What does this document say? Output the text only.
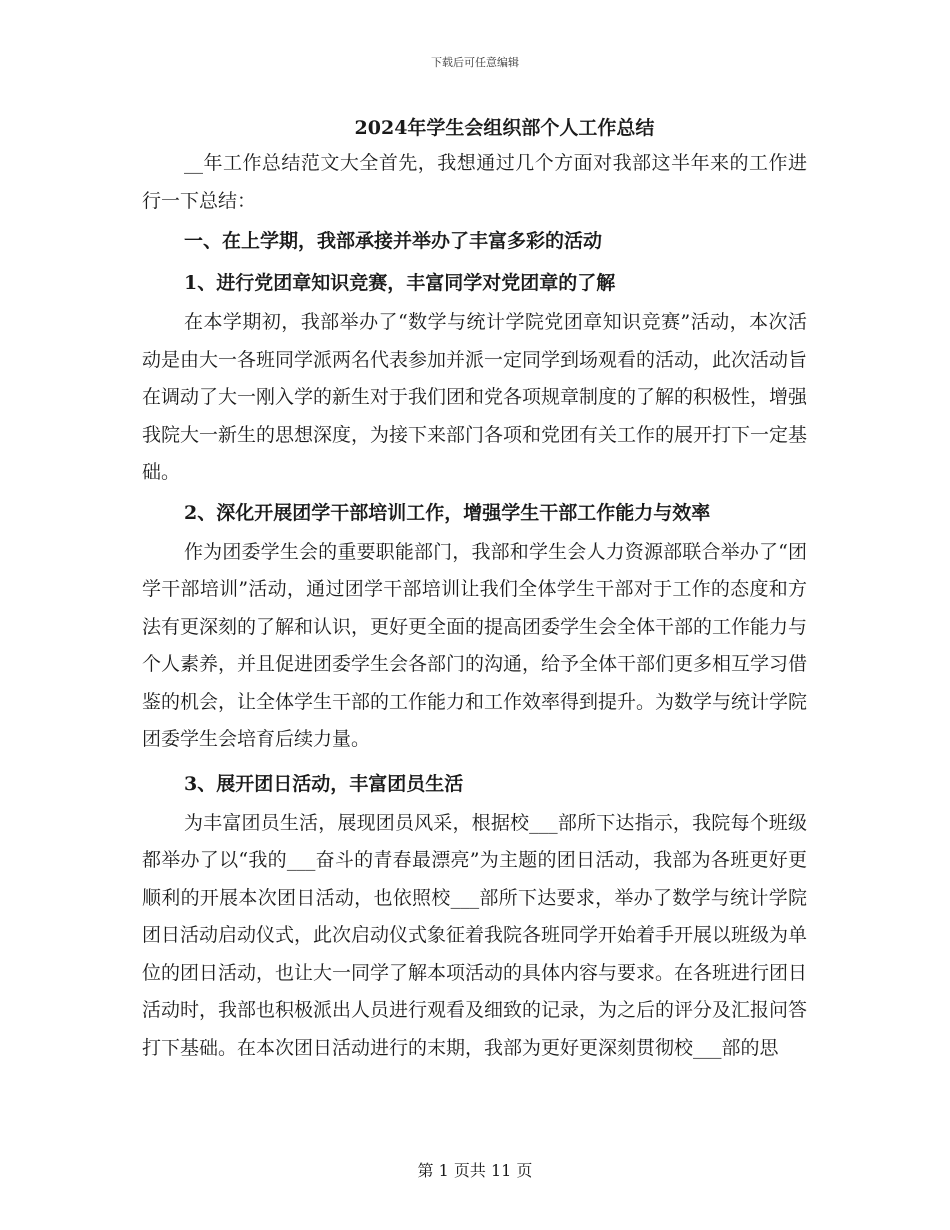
下载后可任意编辑
2024年学生会组织部个人工作总结

__年工作总结范文大全首先，我想通过几个方面对我部这半年来的工作进行一下总结：

一、在上学期，我部承接并举办了丰富多彩的活动
1、进行党团章知识竞赛，丰富同学对党团章的了解

在本学期初，我部举办了“数学与统计学院党团章知识竞赛”活动，本次活动是由大一各班同学派两名代表参加并派一定同学到场观看的活动，此次活动旨在调动了大一刚入学的新生对于我们团和党各项规章制度的了解的积极性，增强我院大一新生的思想深度，为接下来部门各项和党团有关工作的展开打下一定基础。

2、深化开展团学干部培训工作，增强学生干部工作能力与效率

作为团委学生会的重要职能部门，我部和学生会人力资源部联合举办了“团学干部培训”活动，通过团学干部培训让我们全体学生干部对于工作的态度和方法有更深刻的了解和认识，更好更全面的提高团委学生会全体干部的工作能力与个人素养，并且促进团委学生会各部门的沟通，给予全体干部们更多相互学习借鉴的机会，让全体学生干部的工作能力和工作效率得到提升。为数学与统计学院团委学生会培育后续力量。

3、展开团日活动，丰富团员生活

为丰富团员生活，展现团员风采，根据校___部所下达指示，我院每个班级都举办了以“我的___奋斗的青春最漂亮”为主题的团日活动，我部为各班更好更顺利的开展本次团日活动，也依照校___部所下达要求，举办了数学与统计学院团日活动启动仪式，此次启动仪式象征着我院各班同学开始着手开展以班级为单位的团日活动，也让大一同学了解本项活动的具体内容与要求。在各班进行团日活动时，我部也积极派出人员进行观看及细致的记录，为之后的评分及汇报问答打下基础。在本次团日活动进行的末期，我部为更好更深刻贯彻校___部的思

第 1 页共 11 页
